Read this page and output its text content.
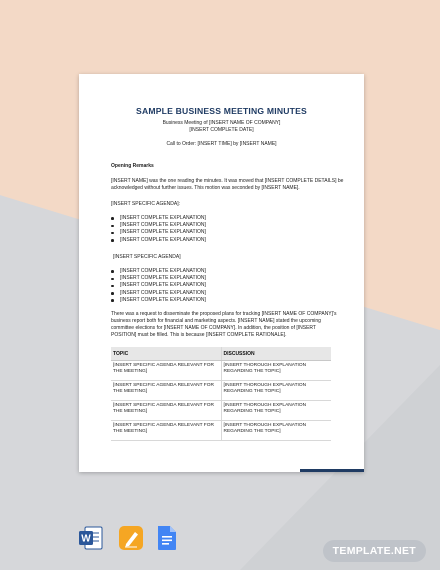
SAMPLE BUSINESS MEETING MINUTES
Business Meeting of [INSERT NAME OF COMPANY]
[INSERT COMPLETE DATE]
Call to Order: [INSERT TIME] by [INSERT NAME]
Opening Remarks
[INSERT NAME] was the one reading the minutes. It was moved that [INSERT COMPLETE DETAILS] be
acknowledged without further issues. This motion was seconded by [INSERT NAME].
[INSERT SPECIFIC AGENDA]:
[INSERT COMPLETE EXPLANATION]
[INSERT COMPLETE EXPLANATION]
[INSERT COMPLETE EXPLANATION]
[INSERT COMPLETE EXPLANATION]
[INSERT SPECIFIC AGENDA]
[INSERT COMPLETE EXPLANATION]
[INSERT COMPLETE EXPLANATION]
[INSERT COMPLETE EXPLANATION]
[INSERT COMPLETE EXPLANATION]
[INSERT COMPLETE EXPLANATION]
There was a request to disseminate the proposed plans for tracking [INSERT NAME OF COMPANY]'s
business report both for financial and marketing aspects. [INSERT NAME] stated the upcoming
committee elections for [INSERT NAME OF COMPANY]. In addition, the position of [INSERT
POSITION] must be filled. This is because [INSERT COMPLETE RATIONALE].
TOPIC	DISCUSSION
[INSERT SPECIFIC AGENDA RELEVANT FOR THE MEETING]	[INSERT THOROUGH EXPLANATION REGARDING THE TOPIC]
[INSERT SPECIFIC AGENDA RELEVANT FOR THE MEETING]	[INSERT THOROUGH EXPLANATION REGARDING THE TOPIC]
[INSERT SPECIFIC AGENDA RELEVANT FOR THE MEETING]	[INSERT THOROUGH EXPLANATION REGARDING THE TOPIC]
[INSERT SPECIFIC AGENDA RELEVANT FOR THE MEETING]	[INSERT THOROUGH EXPLANATION REGARDING THE TOPIC]
W
TEMPLATE.NET
